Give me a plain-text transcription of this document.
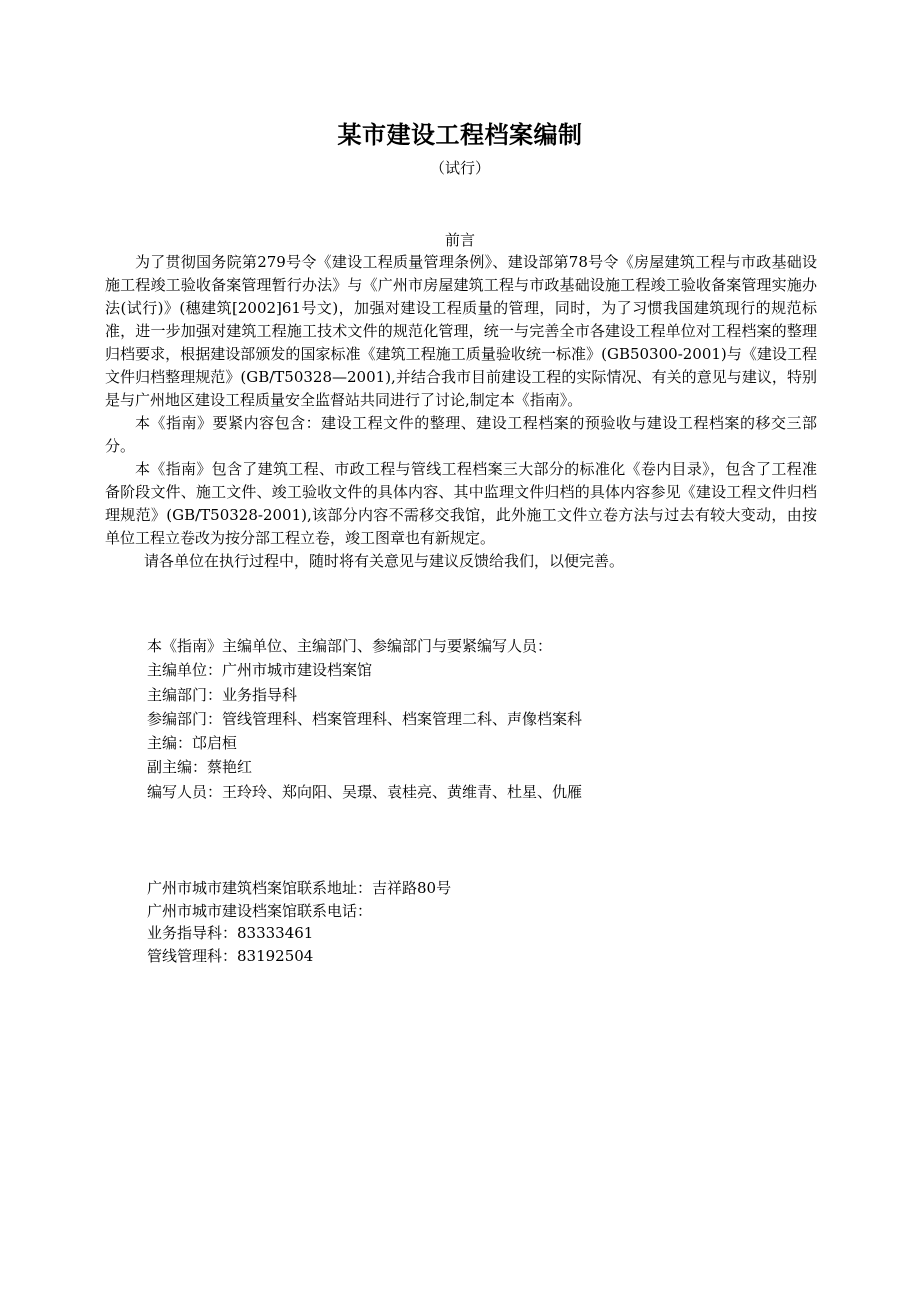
某市建设工程档案编制
（试行）
前言

为了贯彻国务院第279号令《建设工程质量管理条例》、建设部第78号令《房屋建筑工程与市政基础设施工程竣工验收备案管理暂行办法》与《广州市房屋建筑工程与市政基础设施工程竣工验收备案管理实施办法(试行)》(穗建筑[2002]61号文)，加强对建设工程质量的管理，同时，为了习惯我国建筑现行的规范标准，进一步加强对建筑工程施工技术文件的规范化管理，统一与完善全市各建设工程单位对工程档案的整理归档要求，根据建设部颁发的国家标准《建筑工程施工质量验收统一标准》(GB50300-2001)与《建设工程文件归档整理规范》(GB/T50328—2001),并结合我市目前建设工程的实际情况、有关的意见与建议，特别是与广州地区建设工程质量安全监督站共同进行了讨论,制定本《指南》。

本《指南》要紧内容包含：建设工程文件的整理、建设工程档案的预验收与建设工程档案的移交三部分。

本《指南》包含了建筑工程、市政工程与管线工程档案三大部分的标准化《卷内目录》，包含了工程准备阶段文件、施工文件、竣工验收文件的具体内容、其中监理文件归档的具体内容参见《建设工程文件归档理规范》(GB/T50328-2001),该部分内容不需移交我馆，此外施工文件立卷方法与过去有较大变动，由按单位工程立卷改为按分部工程立卷，竣工图章也有新规定。

请各单位在执行过程中，随时将有关意见与建议反馈给我们，以便完善。

本《指南》主编单位、主编部门、参编部门与要紧编写人员：
主编单位：广州市城市建设档案馆
主编部门：业务指导科
参编部门：管线管理科、档案管理科、档案管理二科、声像档案科
主编：邙启桓
副主编：蔡艳红
编写人员：王玲玲、郑向阳、吴璟、袁桂亮、黄维青、杜星、仇雁
广州市城市建筑档案馆联系地址：吉祥路80号
广州市城市建设档案馆联系电话：
业务指导科：83333461
管线管理科：83192504
